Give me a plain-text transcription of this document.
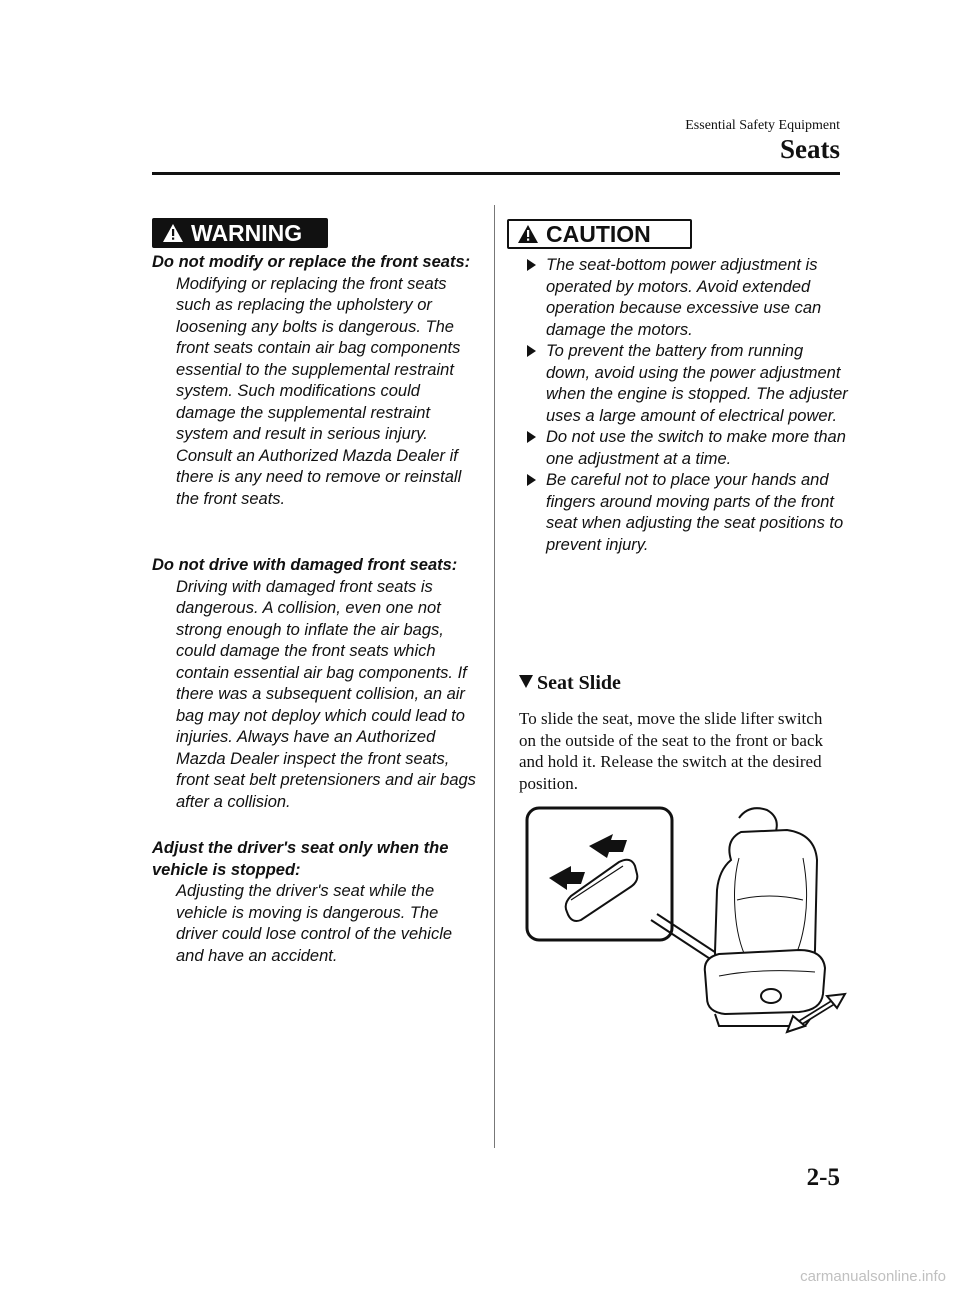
Essential Safety Equipment
Seats
WARNING

Do not modify or replace the front seats:

Modifying or replacing the front seats such as replacing the upholstery or loosening any bolts is dangerous. The front seats contain air bag components essential to the supplemental restraint system. Such modifications could damage the supplemental restraint system and result in serious injury. Consult an Authorized Mazda Dealer if there is any need to remove or reinstall the front seats.

Do not drive with damaged front seats:

Driving with damaged front seats is dangerous. A collision, even one not strong enough to inflate the air bags, could damage the front seats which contain essential air bag components. If there was a subsequent collision, an air bag may not deploy which could lead to injuries. Always have an Authorized Mazda Dealer inspect the front seats, front seat belt pretensioners and air bags after a collision.

Adjust the driver's seat only when the vehicle is stopped:

Adjusting the driver's seat while the vehicle is moving is dangerous. The driver could lose control of the vehicle and have an accident.

CAUTION
The seat-bottom power adjustment is operated by motors. Avoid extended operation because excessive use can damage the motors.
To prevent the battery from running down, avoid using the power adjustment when the engine is stopped. The adjuster uses a large amount of electrical power.
Do not use the switch to make more than one adjustment at a time.
Be careful not to place your hands and fingers around moving parts of the front seat when adjusting the seat positions to prevent injury.
Seat Slide

To slide the seat, move the slide lifter switch on the outside of the seat to the front or back and hold it. Release the switch at the desired position.

2-5
carmanualsonline.info
